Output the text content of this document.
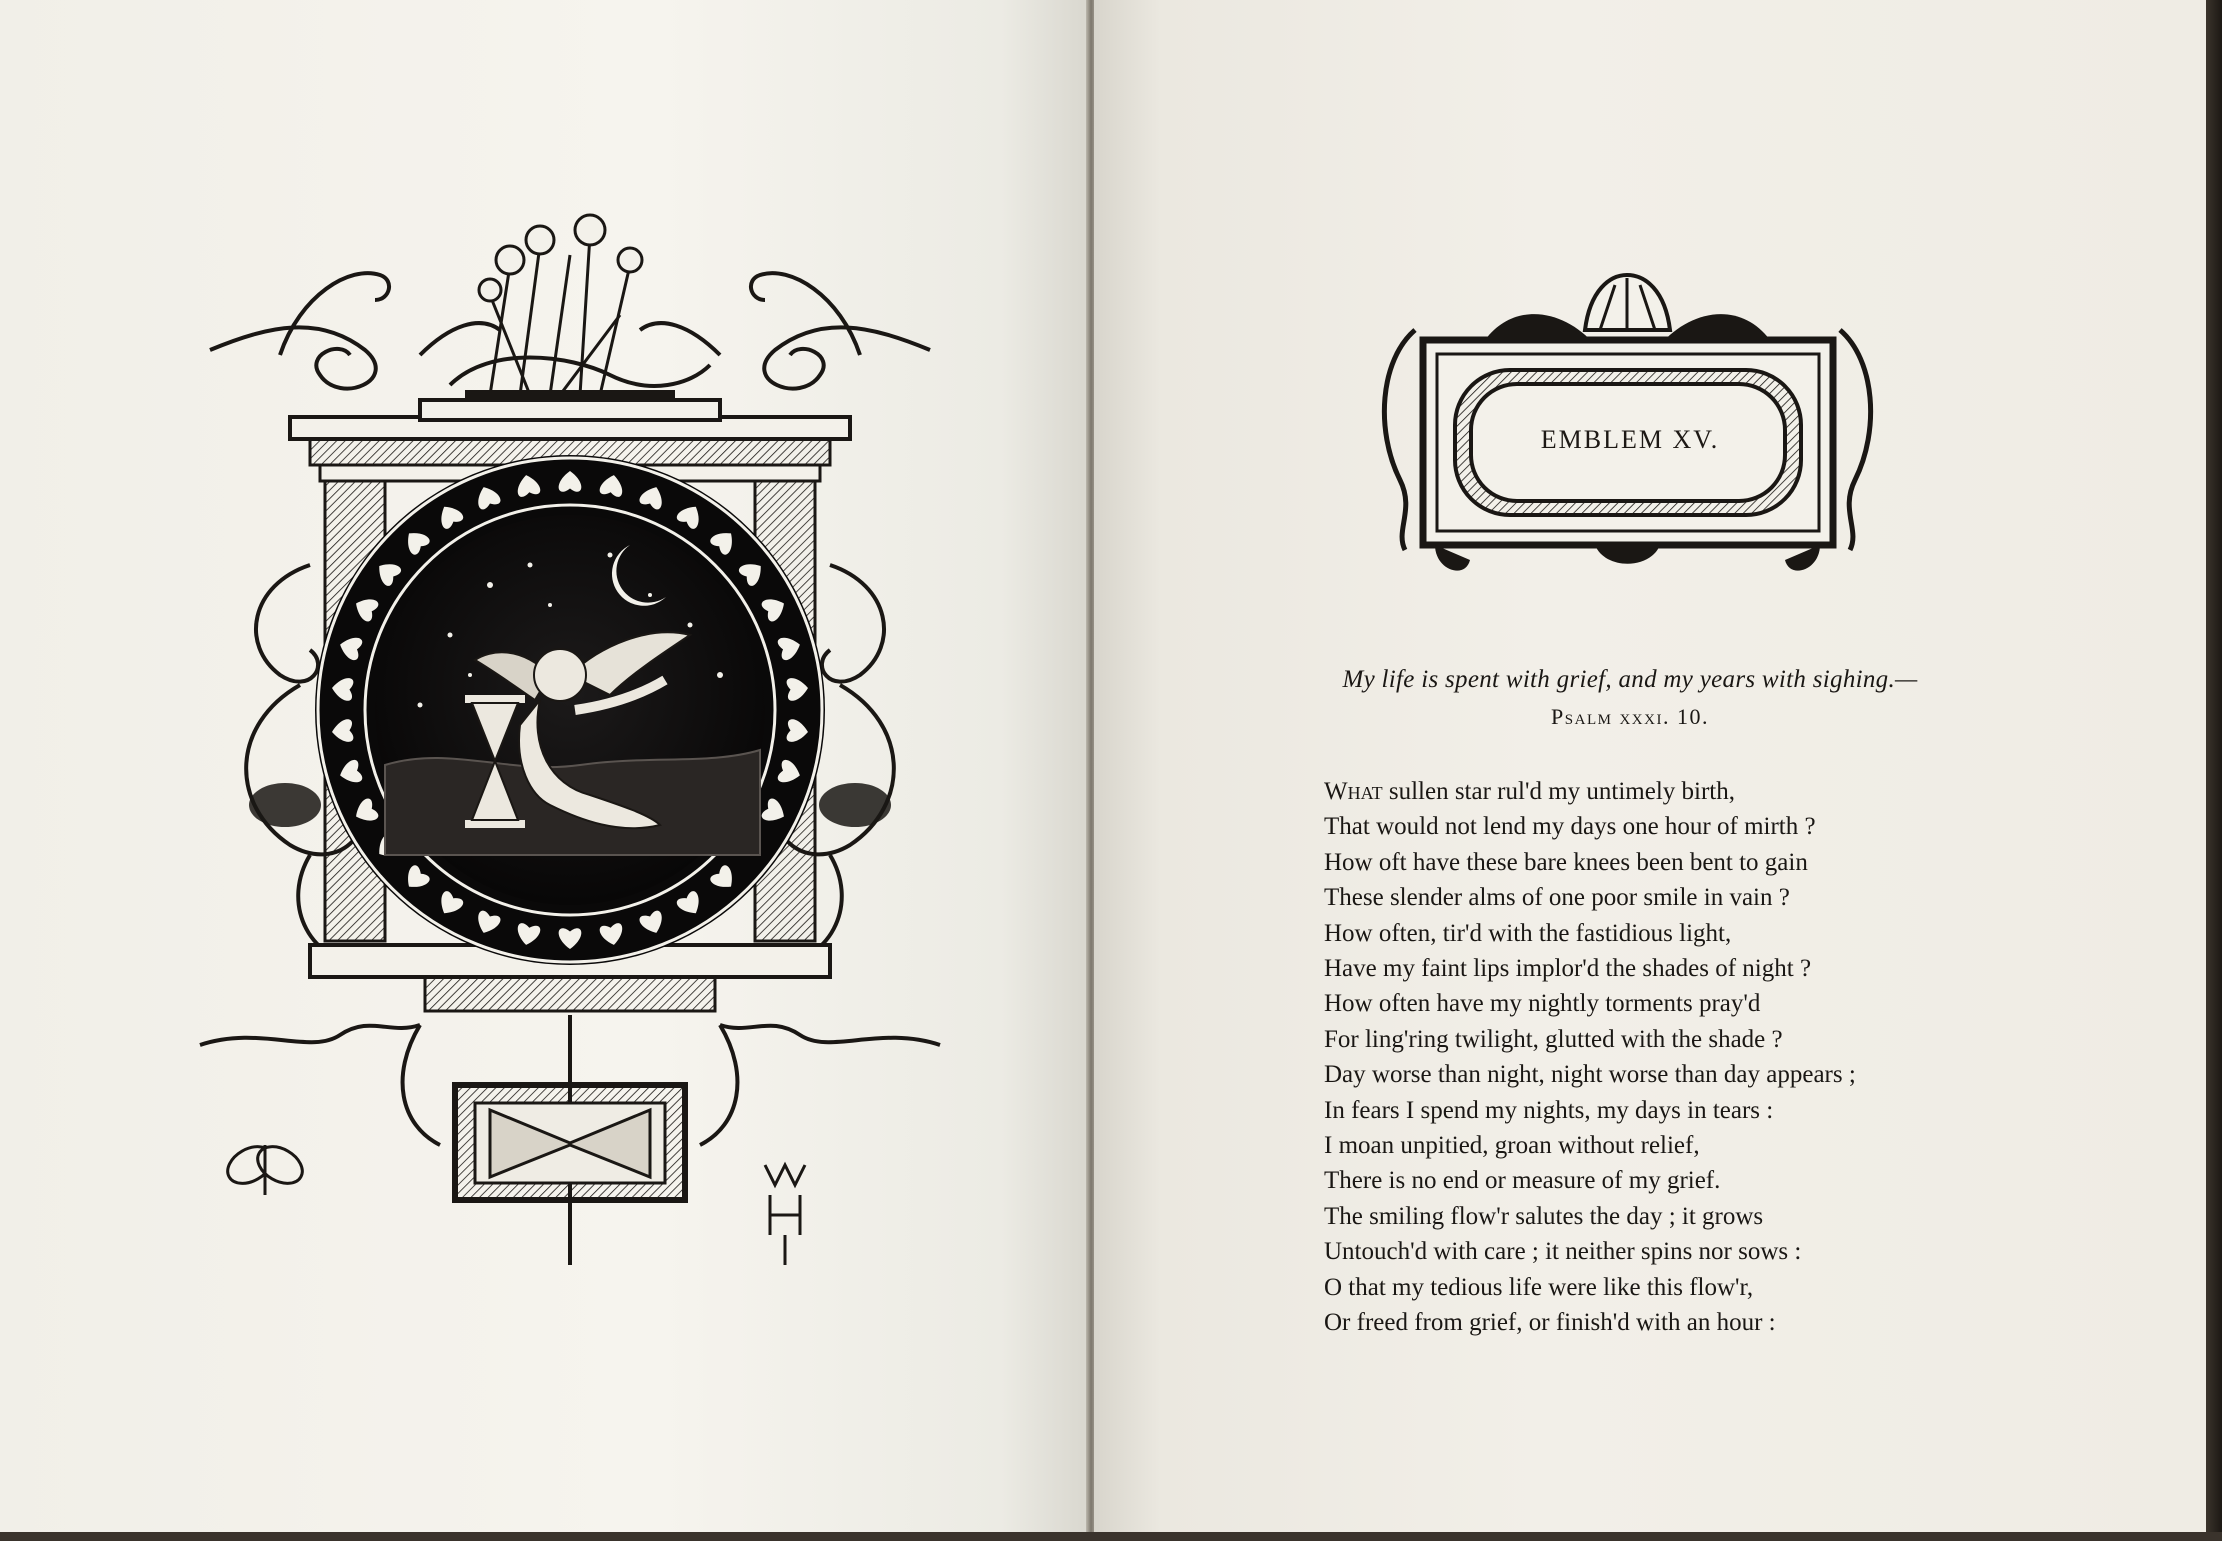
EMBLEM XV.
My life is spent with grief, and my years with sighing.—
Psalm xxxi. 10.
What sullen star rul'd my untimely birth,
That would not lend my days one hour of mirth ?
How oft have these bare knees been bent to gain
These slender alms of one poor smile in vain ?
How often, tir'd with the fastidious light,
Have my faint lips implor'd the shades of night ?
How often have my nightly torments pray'd
For ling'ring twilight, glutted with the shade ?
Day worse than night, night worse than day appears ;
In fears I spend my nights, my days in tears :
I moan unpitied, groan without relief,
There is no end or measure of my grief.
The smiling flow'r salutes the day ; it grows
Untouch'd with care ; it neither spins nor sows :
O that my tedious life were like this flow'r,
Or freed from grief, or finish'd with an hour :
